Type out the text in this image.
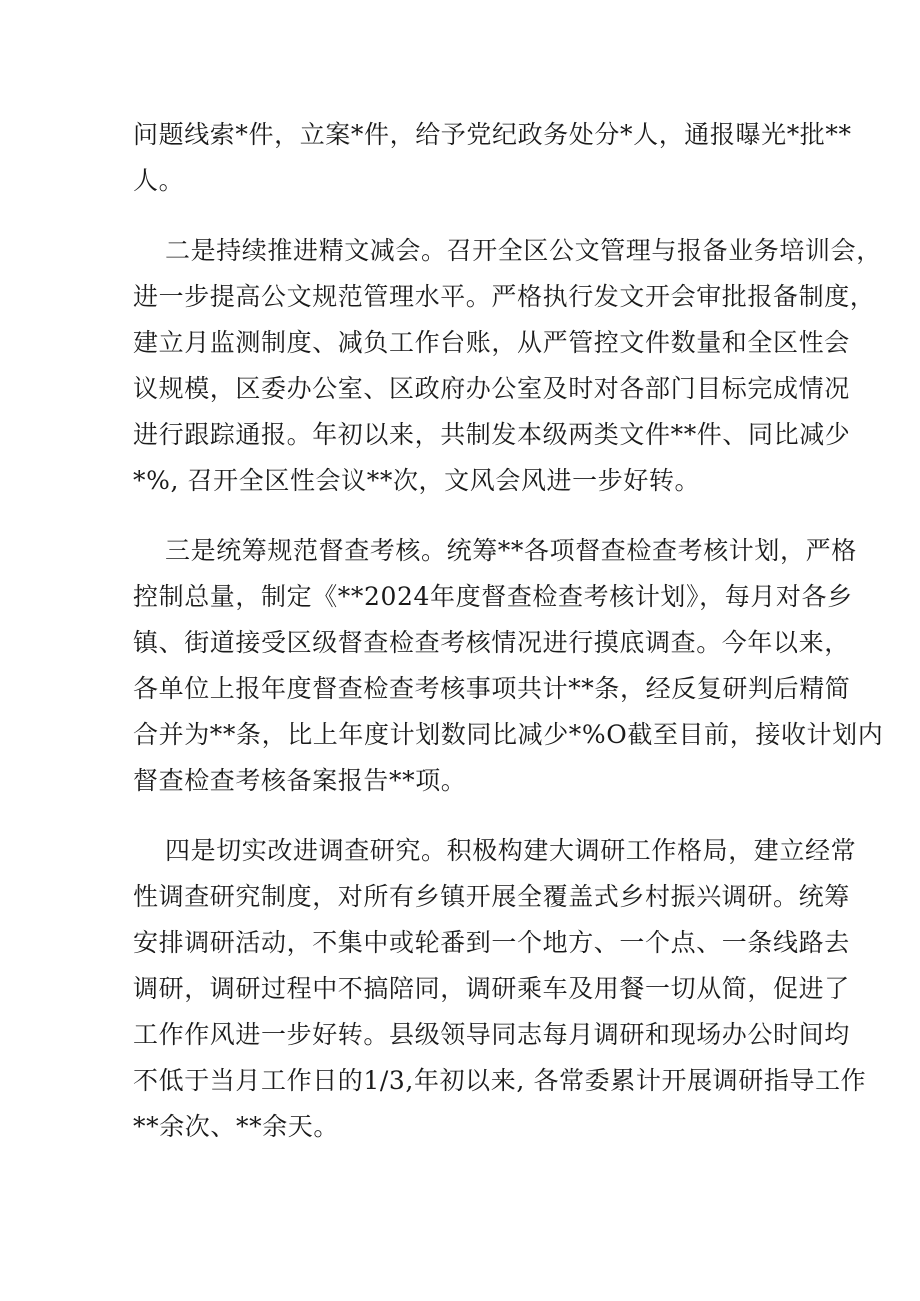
问题线索*件，立案*件，给予党纪政务处分*人，通报曝光*批**
人。
二是持续推进精文减会。召开全区公文管理与报备业务培训会，
进一步提高公文规范管理水平。严格执行发文开会审批报备制度，
建立月监测制度、减负工作台账，从严管控文件数量和全区性会
议规模，区委办公室、区政府办公室及时对各部门目标完成情况
进行跟踪通报。年初以来，共制发本级两类文件**件、同比减少
*%, 召开全区性会议**次，文风会风进一步好转。
三是统筹规范督查考核。统筹**各项督查检查考核计划，严格
控制总量，制定《**2024年度督查检查考核计划》，每月对各乡
镇、街道接受区级督查检查考核情况进行摸底调查。今年以来，
各单位上报年度督查检查考核事项共计**条，经反复研判后精简
合并为**条，比上年度计划数同比减少*%O截至目前，接收计划内
督查检查考核备案报告**项。
四是切实改进调查研究。积极构建大调研工作格局，建立经常
性调查研究制度，对所有乡镇开展全覆盖式乡村振兴调研。统筹
安排调研活动，不集中或轮番到一个地方、一个点、一条线路去
调研，调研过程中不搞陪同，调研乘车及用餐一切从简，促进了
工作作风进一步好转。县级领导同志每月调研和现场办公时间均
不低于当月工作日的1/3,年初以来, 各常委累计开展调研指导工作
**余次、**余天。
